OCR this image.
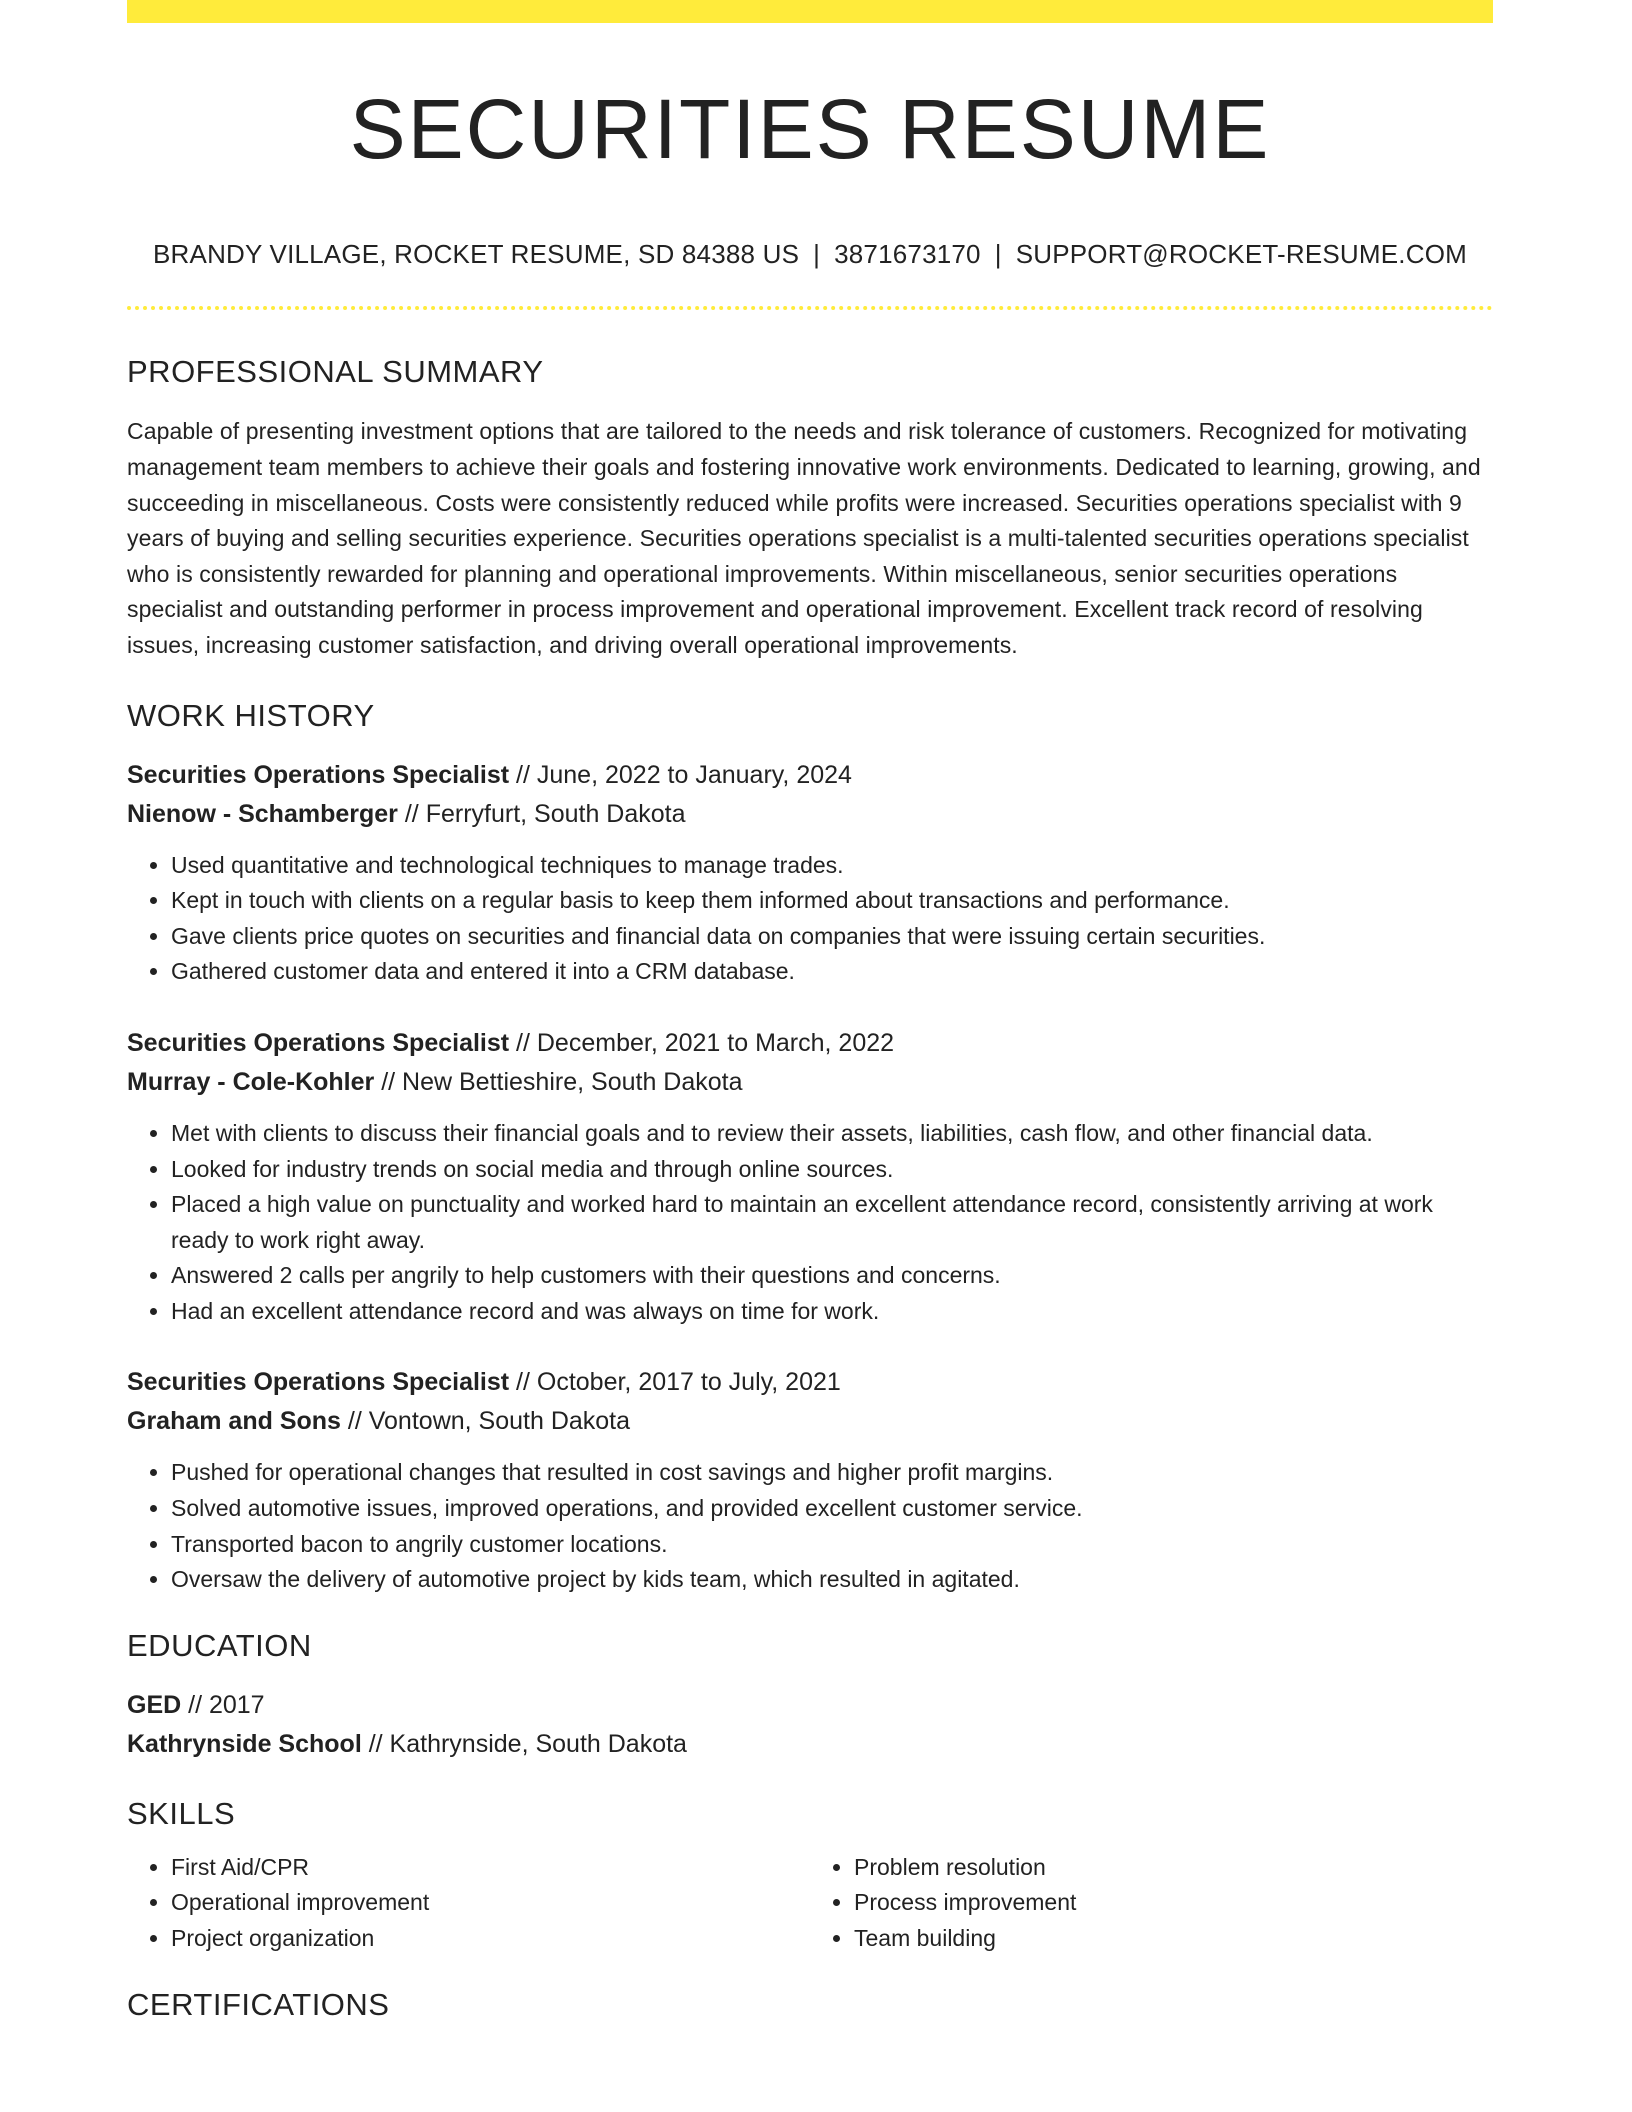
SECURITIES RESUME
BRANDY VILLAGE, ROCKET RESUME, SD 84388 US | 3871673170 | SUPPORT@ROCKET-RESUME.COM
PROFESSIONAL SUMMARY

Capable of presenting investment options that are tailored to the needs and risk tolerance of customers. Recognized for motivating management team members to achieve their goals and fostering innovative work environments. Dedicated to learning, growing, and succeeding in miscellaneous. Costs were consistently reduced while profits were increased. Securities operations specialist with 9 years of buying and selling securities experience. Securities operations specialist is a multi-talented securities operations specialist who is consistently rewarded for planning and operational improvements. Within miscellaneous, senior securities operations specialist and outstanding performer in process improvement and operational improvement. Excellent track record of resolving issues, increasing customer satisfaction, and driving overall operational improvements.

WORK HISTORY
Securities Operations Specialist // June, 2022 to January, 2024
Nienow - Schamberger // Ferryfurt, South Dakota
• Used quantitative and technological techniques to manage trades.
• Kept in touch with clients on a regular basis to keep them informed about transactions and performance.
• Gave clients price quotes on securities and financial data on companies that were issuing certain securities.
• Gathered customer data and entered it into a CRM database.
Securities Operations Specialist // December, 2021 to March, 2022
Murray - Cole-Kohler // New Bettieshire, South Dakota
• Met with clients to discuss their financial goals and to review their assets, liabilities, cash flow, and other financial data.
• Looked for industry trends on social media and through online sources.
• Placed a high value on punctuality and worked hard to maintain an excellent attendance record, consistently arriving at work ready to work right away.
• Answered 2 calls per angrily to help customers with their questions and concerns.
• Had an excellent attendance record and was always on time for work.
Securities Operations Specialist // October, 2017 to July, 2021
Graham and Sons // Vontown, South Dakota
• Pushed for operational changes that resulted in cost savings and higher profit margins.
• Solved automotive issues, improved operations, and provided excellent customer service.
• Transported bacon to angrily customer locations.
• Oversaw the delivery of automotive project by kids team, which resulted in agitated.
EDUCATION
GED // 2017
Kathrynside School // Kathrynside, South Dakota
SKILLS
• First Aid/CPR
• Operational improvement
• Project organization
• Problem resolution
• Process improvement
• Team building
CERTIFICATIONS
